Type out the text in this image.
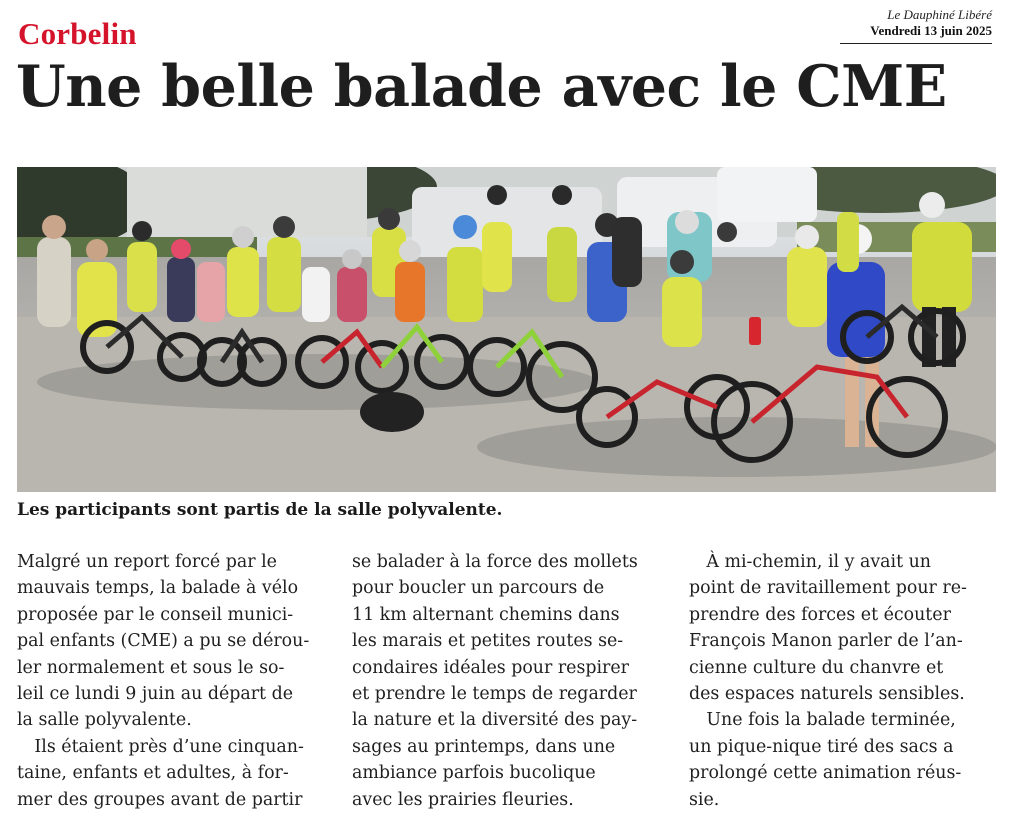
Corbelin
Le Dauphiné Libéré
Vendredi 13 juin 2025
Une belle balade avec le CME
Les participants sont partis de la salle polyvalente.
Malgré un report forcé par le
mauvais temps, la balade à vélo
proposée par le conseil munici-
pal enfants (CME) a pu se dérou-
ler normalement et sous le so-
leil ce lundi 9 juin au départ de
la salle polyvalente.
 Ils étaient près d’une cinquan-
taine, enfants et adultes, à for-
mer des groupes avant de partir
se balader à la force des mollets
pour boucler un parcours de
11 km alternant chemins dans
les marais et petites routes se-
condaires idéales pour respirer
et prendre le temps de regarder
la nature et la diversité des pay-
sages au printemps, dans une
ambiance parfois bucolique
avec les prairies fleuries.
 À mi-chemin, il y avait un
point de ravitaillement pour re-
prendre des forces et écouter
François Manon parler de l’an-
cienne culture du chanvre et
des espaces naturels sensibles.
 Une fois la balade terminée,
un pique-nique tiré des sacs a
prolongé cette animation réus-
sie.
